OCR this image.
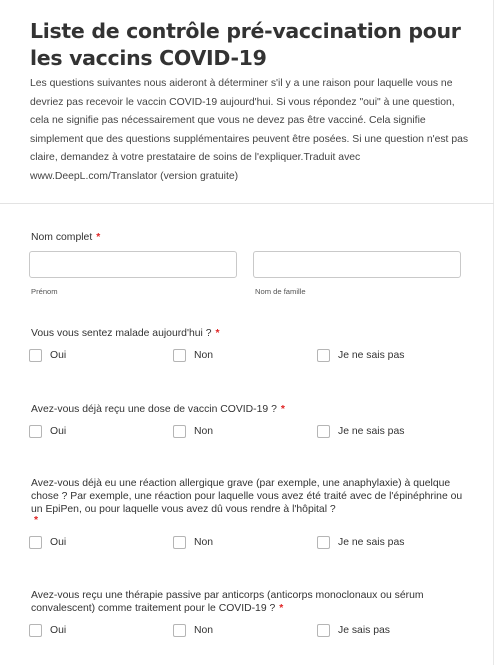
Liste de contrôle pré-vaccination pour les vaccins COVID-19
Les questions suivantes nous aideront à déterminer s'il y a une raison pour laquelle vous ne devriez pas recevoir le vaccin COVID-19 aujourd'hui. Si vous répondez "oui" à une question, cela ne signifie pas nécessairement que vous ne devez pas être vacciné. Cela signifie simplement que des questions supplémentaires peuvent être posées. Si une question n'est pas claire, demandez à votre prestataire de soins de l'expliquer.Traduit avec www.DeepL.com/Translator (version gratuite)
Nom complet *
Prénom	Nom de famille
Vous vous sentez malade aujourd'hui ? *
Oui	Non	Je ne sais pas
Avez-vous déjà reçu une dose de vaccin COVID-19 ? *
Oui	Non	Je ne sais pas
Avez-vous déjà eu une réaction allergique grave (par exemple, une anaphylaxie) à quelque chose ? Par exemple, une réaction pour laquelle vous avez été traité avec de l'épinéphrine ou un EpiPen, ou pour laquelle vous avez dû vous rendre à l'hôpital ?
*
Oui	Non	Je ne sais pas
Avez-vous reçu une thérapie passive par anticorps (anticorps monoclonaux ou sérum convalescent) comme traitement pour le COVID-19 ? *
Oui	Non	Je sais pas
